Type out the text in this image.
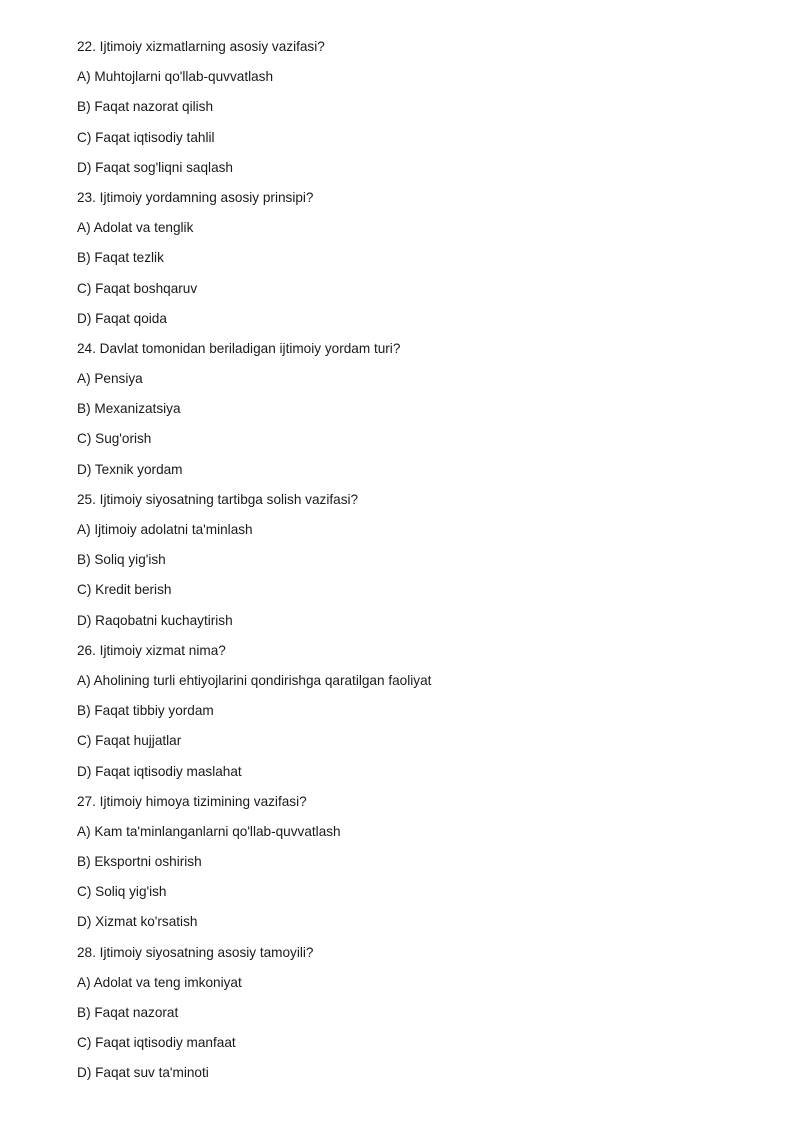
22. Ijtimoiy xizmatlarning asosiy vazifasi?
A) Muhtojlarni qo'llab-quvvatlash
B) Faqat nazorat qilish
C) Faqat iqtisodiy tahlil
D) Faqat sog'liqni saqlash
23. Ijtimoiy yordamning asosiy prinsipi?
A) Adolat va tenglik
B) Faqat tezlik
C) Faqat boshqaruv
D) Faqat qoida
24. Davlat tomonidan beriladigan ijtimoiy yordam turi?
A) Pensiya
B) Mexanizatsiya
C) Sug'orish
D) Texnik yordam
25. Ijtimoiy siyosatning tartibga solish vazifasi?
A) Ijtimoiy adolatni ta'minlash
B) Soliq yig'ish
C) Kredit berish
D) Raqobatni kuchaytirish
26. Ijtimoiy xizmat nima?
A) Aholining turli ehtiyojlarini qondirishga qaratilgan faoliyat
B) Faqat tibbiy yordam
C) Faqat hujjatlar
D) Faqat iqtisodiy maslahat
27. Ijtimoiy himoya tizimining vazifasi?
A) Kam ta'minlanganlarni qo'llab-quvvatlash
B) Eksportni oshirish
C) Soliq yig'ish
D) Xizmat ko'rsatish
28. Ijtimoiy siyosatning asosiy tamoyili?
A) Adolat va teng imkoniyat
B) Faqat nazorat
C) Faqat iqtisodiy manfaat
D) Faqat suv ta'minoti
